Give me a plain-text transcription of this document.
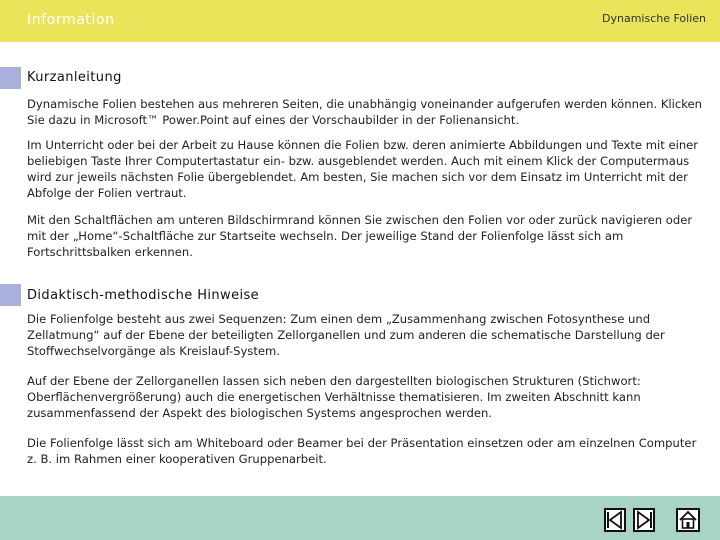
Information	Dynamische Folien
Kurzanleitung

Dynamische Folien bestehen aus mehreren Seiten, die unabhängig voneinander aufgerufen werden können. Klicken Sie dazu in Microsoft™ Power.Point auf eines der Vorschaubilder in der Folienansicht.

Im Unterricht oder bei der Arbeit zu Hause können die Folien bzw. deren animierte Abbildungen und Texte mit einer beliebigen Taste Ihrer Computertastatur ein- bzw. ausgeblendet werden. Auch mit einem Klick der Computermaus wird zur jeweils nächsten Folie übergeblendet. Am besten, Sie machen sich vor dem Einsatz im Unterricht mit der Abfolge der Folien vertraut.

Mit den Schaltflächen am unteren Bildschirmrand können Sie zwischen den Folien vor oder zurück navigieren oder mit der „Home“-Schaltfläche zur Startseite wechseln. Der jeweilige Stand der Folienfolge lässt sich am Fortschrittsbalken erkennen.

Didaktisch-methodische Hinweise

Die Folienfolge besteht aus zwei Sequenzen: Zum einen dem „Zusammenhang zwischen Fotosynthese und Zellatmung“ auf der Ebene der beteiligten Zellorganellen und zum anderen die schematische Darstellung der Stoffwechselvorgänge als Kreislauf-System.

Auf der Ebene der Zellorganellen lassen sich neben den dargestellten biologischen Strukturen (Stichwort: Oberflächenvergrößerung) auch die energetischen Verhältnisse thematisieren. Im zweiten Abschnitt kann zusammenfassend der Aspekt des biologischen Systems angesprochen werden.

Die Folienfolge lässt sich am Whiteboard oder Beamer bei der Präsentation einsetzen oder am einzelnen Computer z. B. im Rahmen einer kooperativen Gruppenarbeit.
